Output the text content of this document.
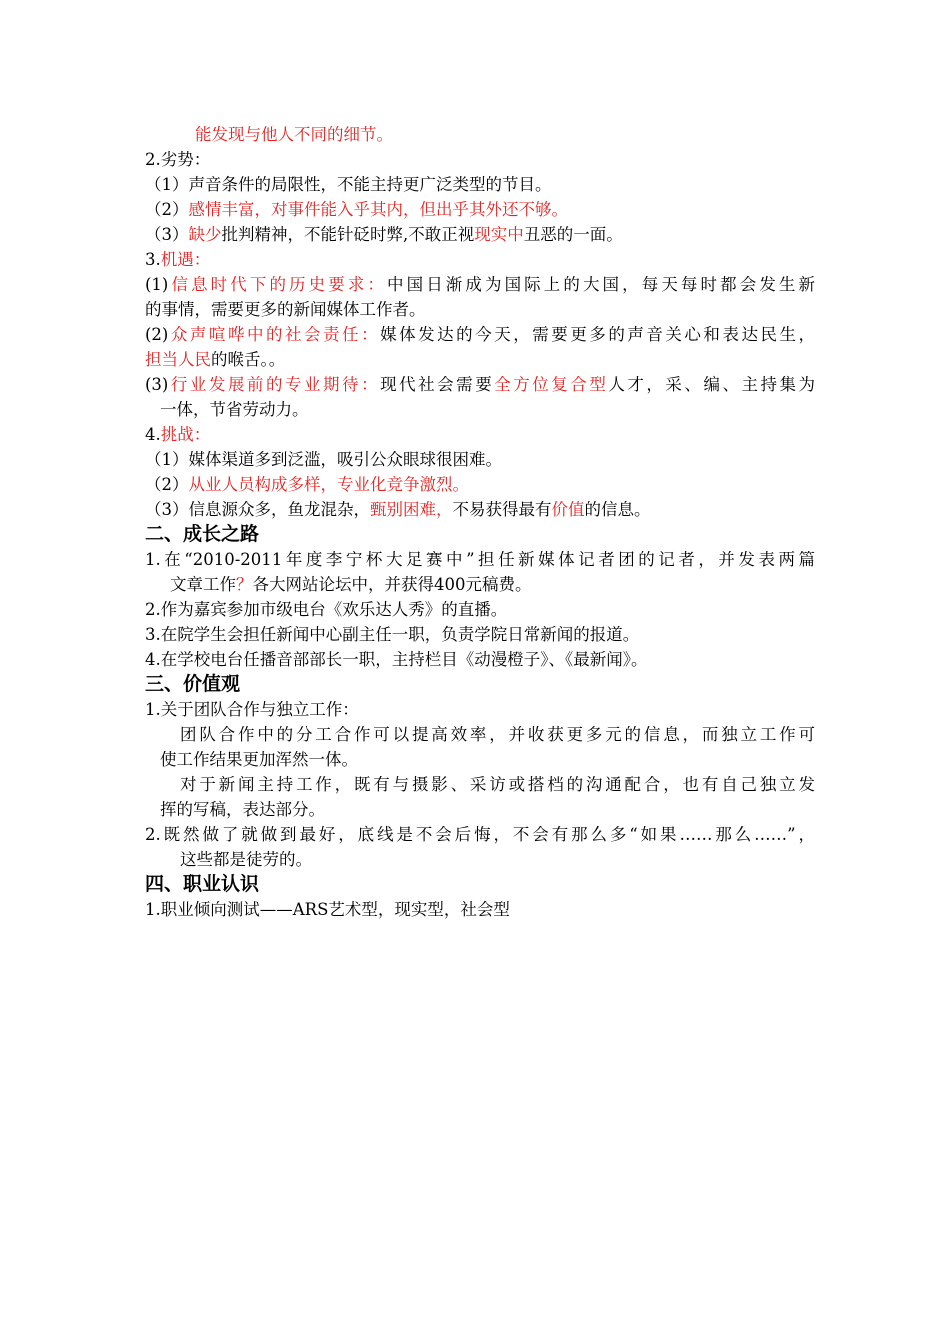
能发现与他人不同的细节。
2.劣势：
（1）声音条件的局限性，不能主持更广泛类型的节目。
（2）感情丰富，对事件能入乎其内，但出乎其外还不够。
（3）缺少批判精神，不能针砭时弊,不敢正视现实中丑恶的一面。
3.机遇：
(1)信息时代下的历史要求：中国日渐成为国际上的大国，每天每时都会发生新
的事情，需要更多的新闻媒体工作者。
(2)众声喧哗中的社会责任：媒体发达的今天，需要更多的声音关心和表达民生，
担当人民的喉舌。。
(3)行业发展前的专业期待：现代社会需要全方位复合型人才，采、编、主持集为
一体，节省劳动力。
4.挑战：
（1）媒体渠道多到泛滥，吸引公众眼球很困难。
（2）从业人员构成多样，专业化竞争激烈。
（3）信息源众多，鱼龙混杂，甄别困难，不易获得最有价值的信息。
二、成长之路
1.在“2010-2011年度李宁杯大足赛中”担任新媒体记者团的记者，并发表两篇
文章工作？各大网站论坛中，并获得400元稿费。
2.作为嘉宾参加市级电台《欢乐达人秀》的直播。
3.在院学生会担任新闻中心副主任一职，负责学院日常新闻的报道。
4.在学校电台任播音部部长一职，主持栏目《动漫橙子》、《最新闻》。
三、价值观
1.关于团队合作与独立工作：
团队合作中的分工合作可以提高效率，并收获更多元的信息，而独立工作可
使工作结果更加浑然一体。
对于新闻主持工作，既有与摄影、采访或搭档的沟通配合，也有自己独立发
挥的写稿，表达部分。
2.既然做了就做到最好，底线是不会后悔，不会有那么多“如果……那么……”，
这些都是徒劳的。
四、职业认识
1.职业倾向测试——ARS艺术型，现实型，社会型
